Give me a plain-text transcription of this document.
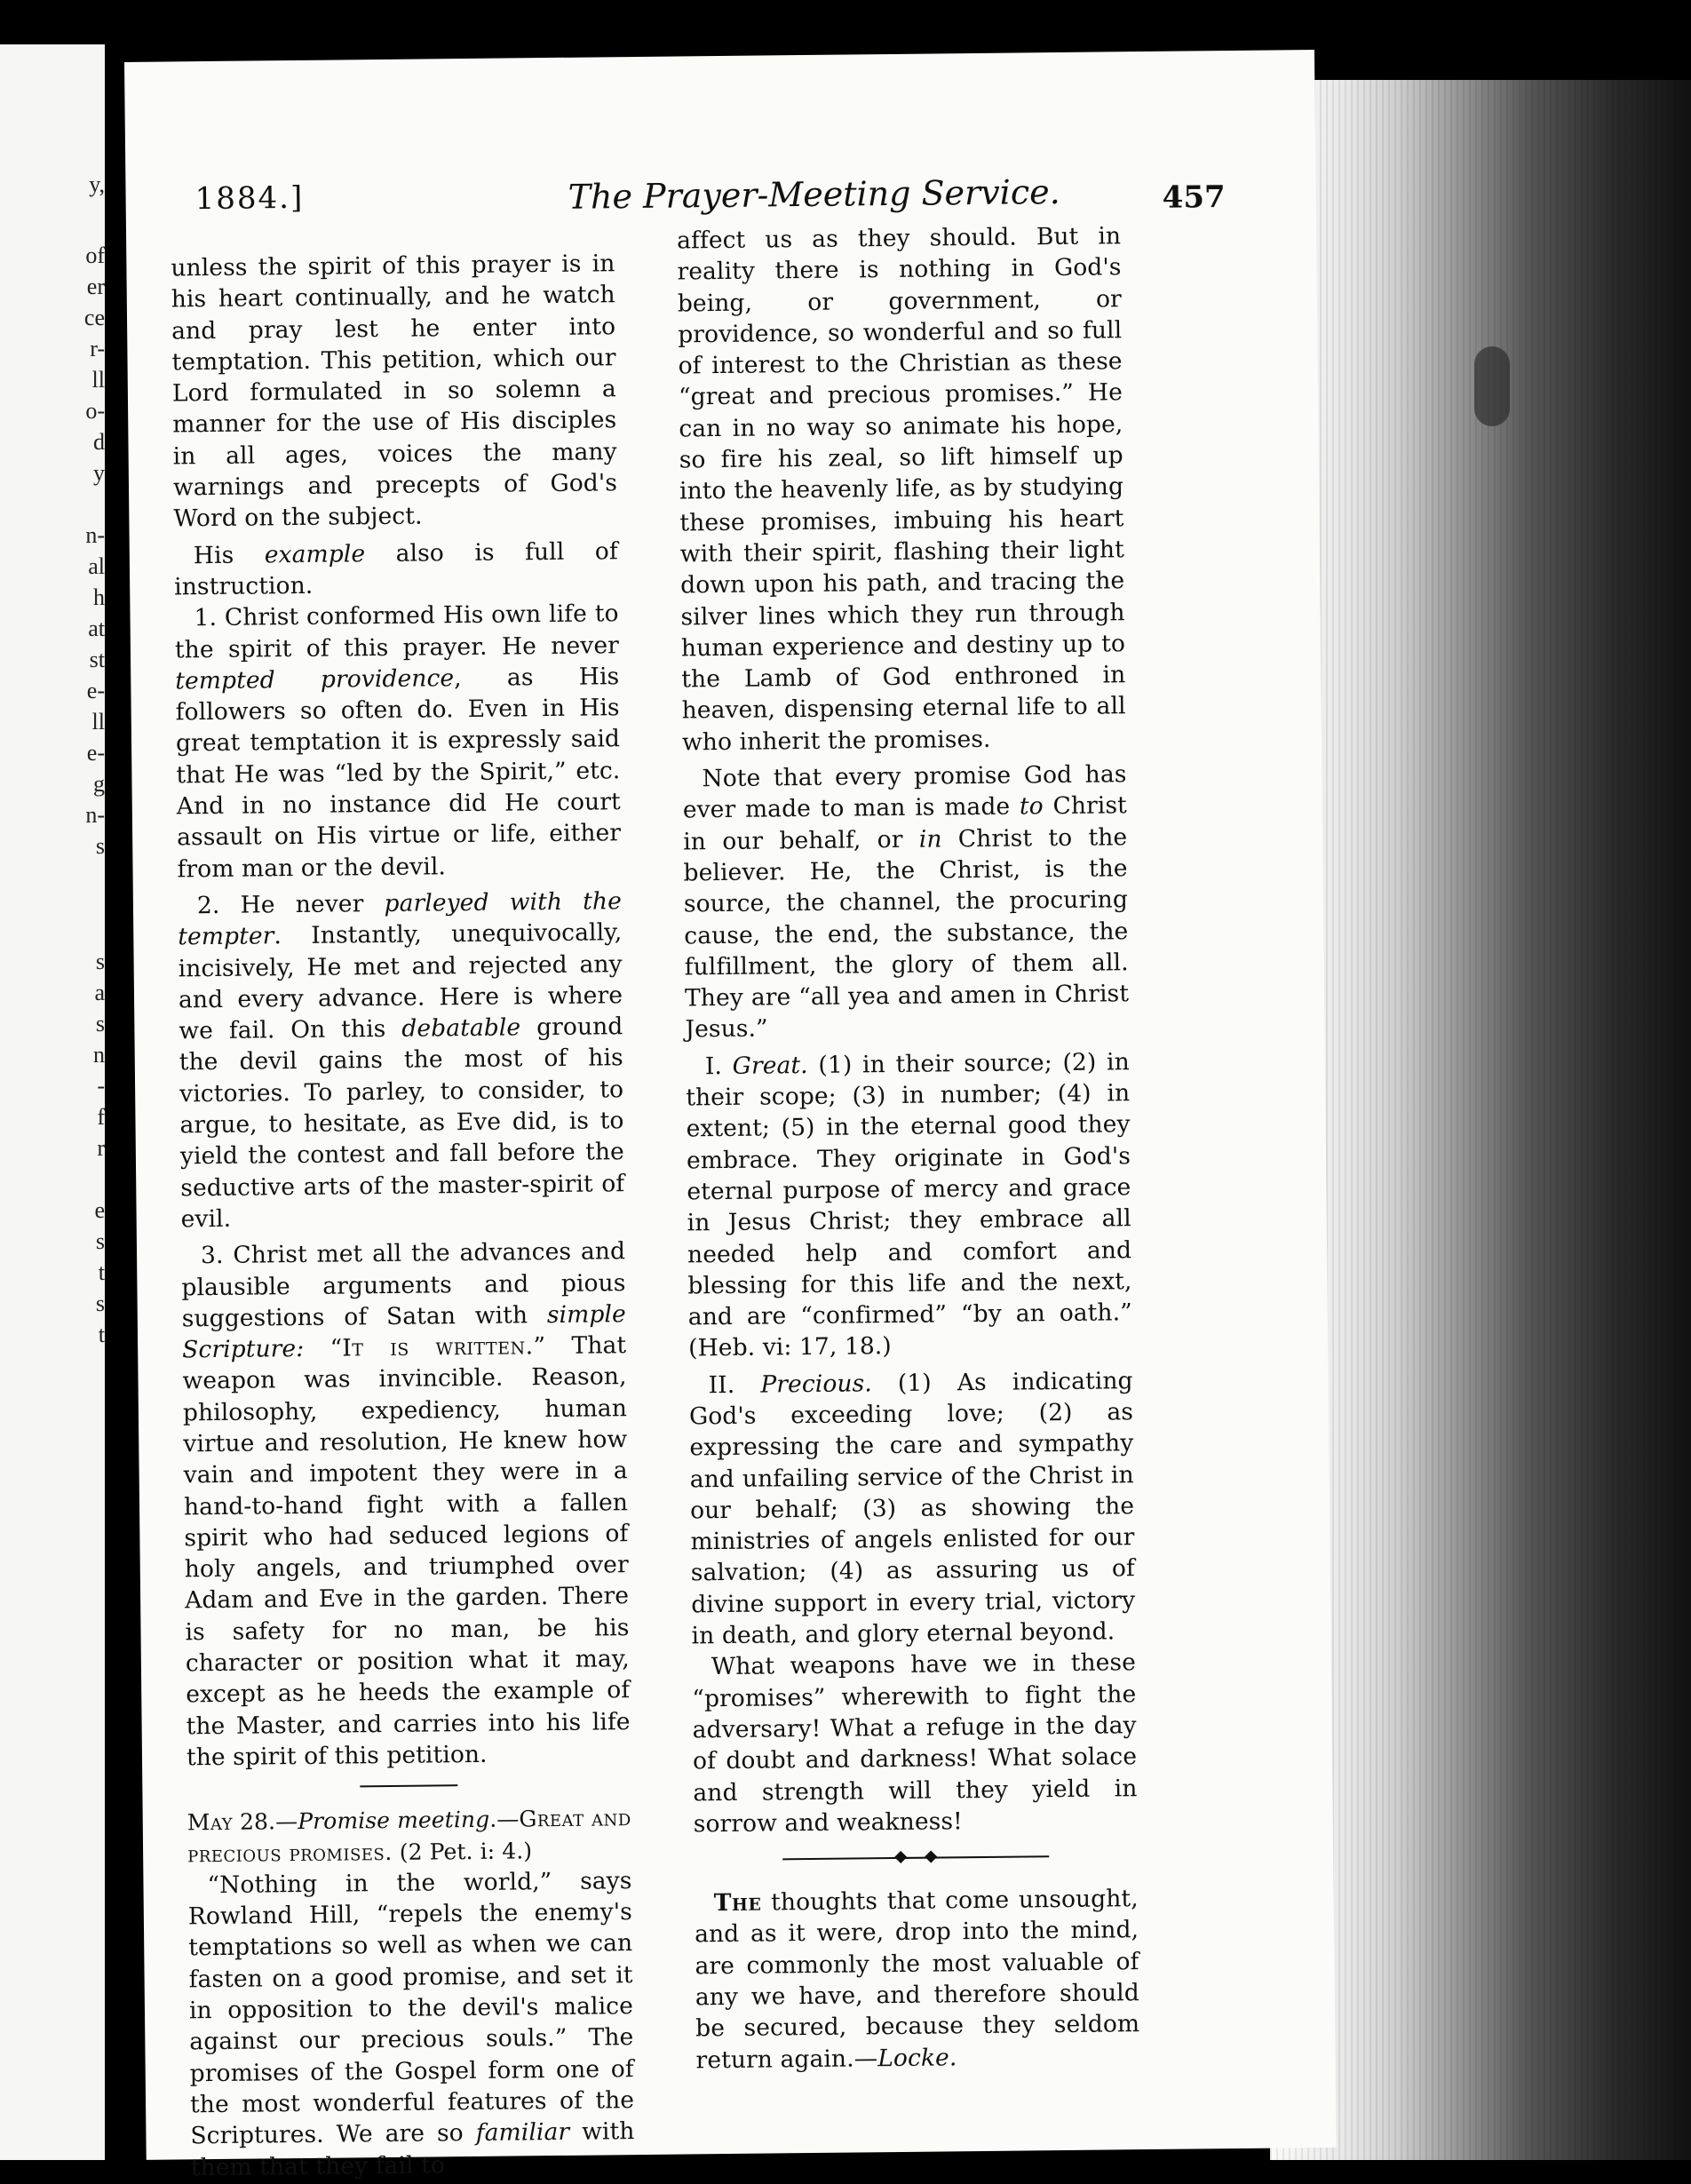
y,
of
er
ce
r-
ll
o-
d
y
n-
al
h
at
st
e-
ll
e-
g
n-
s
s
a
s
n
-
f
r
e
s
t
s
t
1884.]	The Prayer-Meeting Service.	457

unless the spirit of this prayer is in his heart continually, and he watch and pray lest he enter into temptation. This petition, which our Lord formulated in so solemn a manner for the use of His disciples in all ages, voices the many warnings and precepts of God's Word on the subject.

His example also is full of instruction.

1. Christ conformed His own life to the spirit of this prayer. He never tempted providence, as His followers so often do. Even in His great temptation it is expressly said that He was “led by the Spirit,” etc. And in no instance did He court assault on His virtue or life, either from man or the devil.

2. He never parleyed with the tempter. Instantly, unequivocally, incisively, He met and rejected any and every advance. Here is where we fail. On this debatable ground the devil gains the most of his victories. To parley, to consider, to argue, to hesitate, as Eve did, is to yield the contest and fall before the seductive arts of the master-spirit of evil.

3. Christ met all the advances and plausible arguments and pious suggestions of Satan with simple Scripture: “It is written.” That weapon was invincible. Reason, philosophy, expediency, human virtue and resolution, He knew how vain and impotent they were in a hand-to-hand fight with a fallen spirit who had seduced legions of holy angels, and triumphed over Adam and Eve in the garden. There is safety for no man, be his character or position what it may, except as he heeds the example of the Master, and carries into his life the spirit of this petition.

May 28.—Promise meeting.—Great and precious promises. (2 Pet. i: 4.)

“Nothing in the world,” says Rowland Hill, “repels the enemy's temptations so well as when we can fasten on a good promise, and set it in opposition to the devil's malice against our precious souls.” The promises of the Gospel form one of the most wonderful features of the Scriptures. We are so familiar with them that they fail to

affect us as they should. But in reality there is nothing in God's being, or government, or providence, so wonderful and so full of interest to the Christian as these “great and precious promises.” He can in no way so animate his hope, so fire his zeal, so lift himself up into the heavenly life, as by studying these promises, imbuing his heart with their spirit, flashing their light down upon his path, and tracing the silver lines which they run through human experience and destiny up to the Lamb of God enthroned in heaven, dispensing eternal life to all who inherit the promises.

Note that every promise God has ever made to man is made to Christ in our behalf, or in Christ to the believer. He, the Christ, is the source, the channel, the procuring cause, the end, the substance, the fulfillment, the glory of them all. They are “all yea and amen in Christ Jesus.”

I. Great. (1) in their source; (2) in their scope; (3) in number; (4) in extent; (5) in the eternal good they embrace. They originate in God's eternal purpose of mercy and grace in Jesus Christ; they embrace all needed help and comfort and blessing for this life and the next, and are “confirmed” “by an oath.” (Heb. vi: 17, 18.)

II. Precious. (1) As indicating God's exceeding love; (2) as expressing the care and sympathy and unfailing service of the Christ in our behalf; (3) as showing the ministries of angels enlisted for our salvation; (4) as assuring us of divine support in every trial, victory in death, and glory eternal beyond.

What weapons have we in these “promises” wherewith to fight the adversary! What a refuge in the day of doubt and darkness! What solace and strength will they yield in sorrow and weakness!

The thoughts that come unsought, and as it were, drop into the mind, are commonly the most valuable of any we have, and therefore should be secured, because they seldom return again.—Locke.
